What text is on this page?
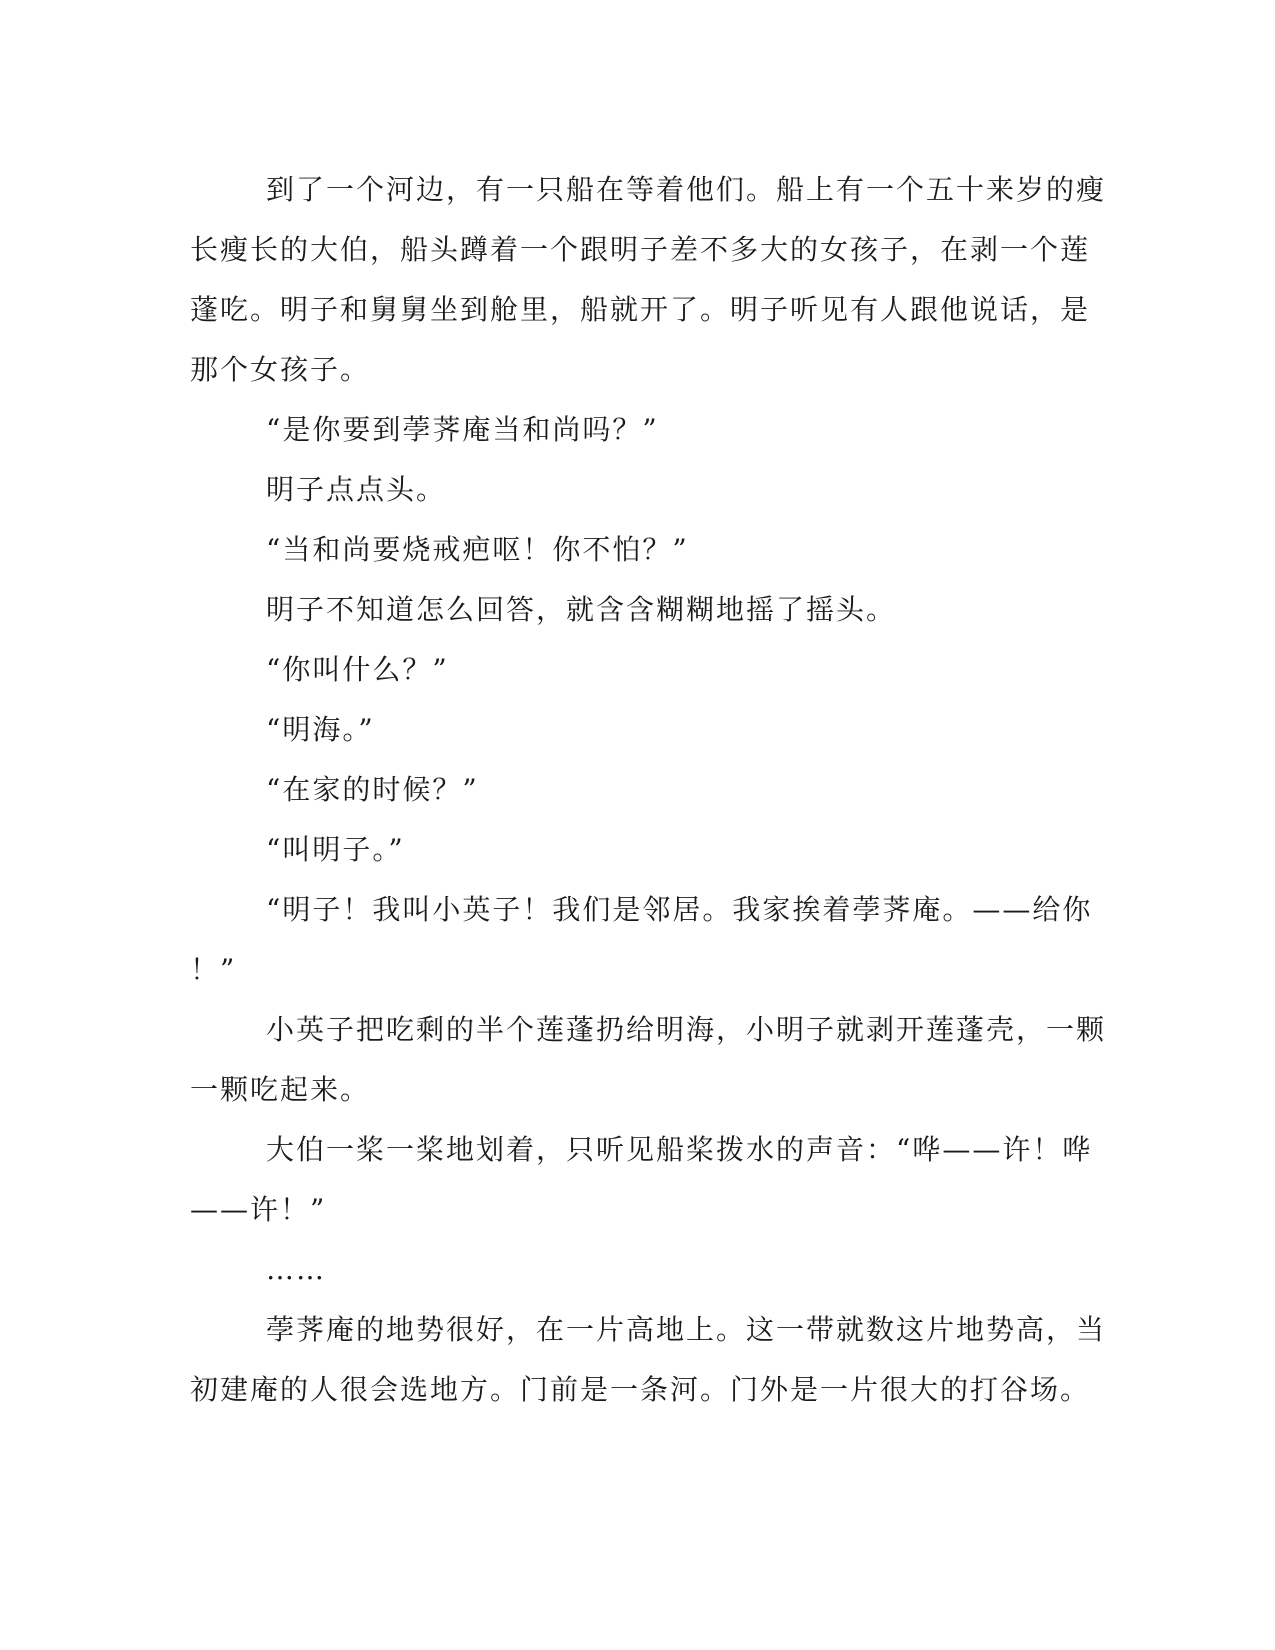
到了一个河边，有一只船在等着他们。船上有一个五十来岁的瘦
长瘦长的大伯，船头蹲着一个跟明子差不多大的女孩子，在剥一个莲
蓬吃。明子和舅舅坐到舱里，船就开了。明子听见有人跟他说话，是
那个女孩子。
“是你要到荸荠庵当和尚吗？”
明子点点头。
“当和尚要烧戒疤呕！你不怕？”
明子不知道怎么回答，就含含糊糊地摇了摇头。
“你叫什么？”
“明海。”
“在家的时候？”
“叫明子。”
“明子！我叫小英子！我们是邻居。我家挨着荸荠庵。——给你
！”
小英子把吃剩的半个莲蓬扔给明海，小明子就剥开莲蓬壳，一颗
一颗吃起来。
大伯一桨一桨地划着，只听见船桨拨水的声音：“哗——许！哗
——许！”
……
荸荠庵的地势很好，在一片高地上。这一带就数这片地势高，当
初建庵的人很会选地方。门前是一条河。门外是一片很大的打谷场。
